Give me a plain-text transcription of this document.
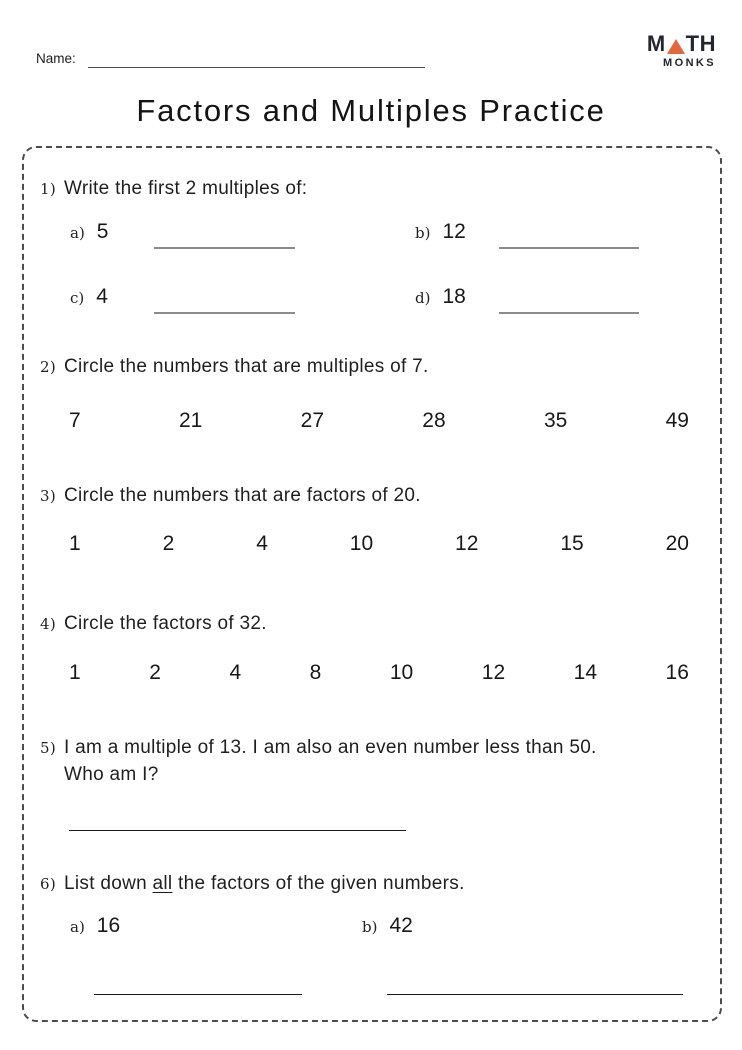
Name:
M TH
MONKS
Factors and Multiples Practice
1) Write the first 2 multiples of:
a) 5	b) 12
c) 4	d) 18
2) Circle the numbers that are multiples of 7.
7	21	27	28	35	49
3) Circle the numbers that are factors of 20.
1	2	4	10	12	15	20
4) Circle the factors of 32.
1	2	4	8	10	12	14	16
5) I am a multiple of 13. I am also an even number less than 50.
Who am I?
6) List down all the factors of the given numbers.
a) 16	b) 42
